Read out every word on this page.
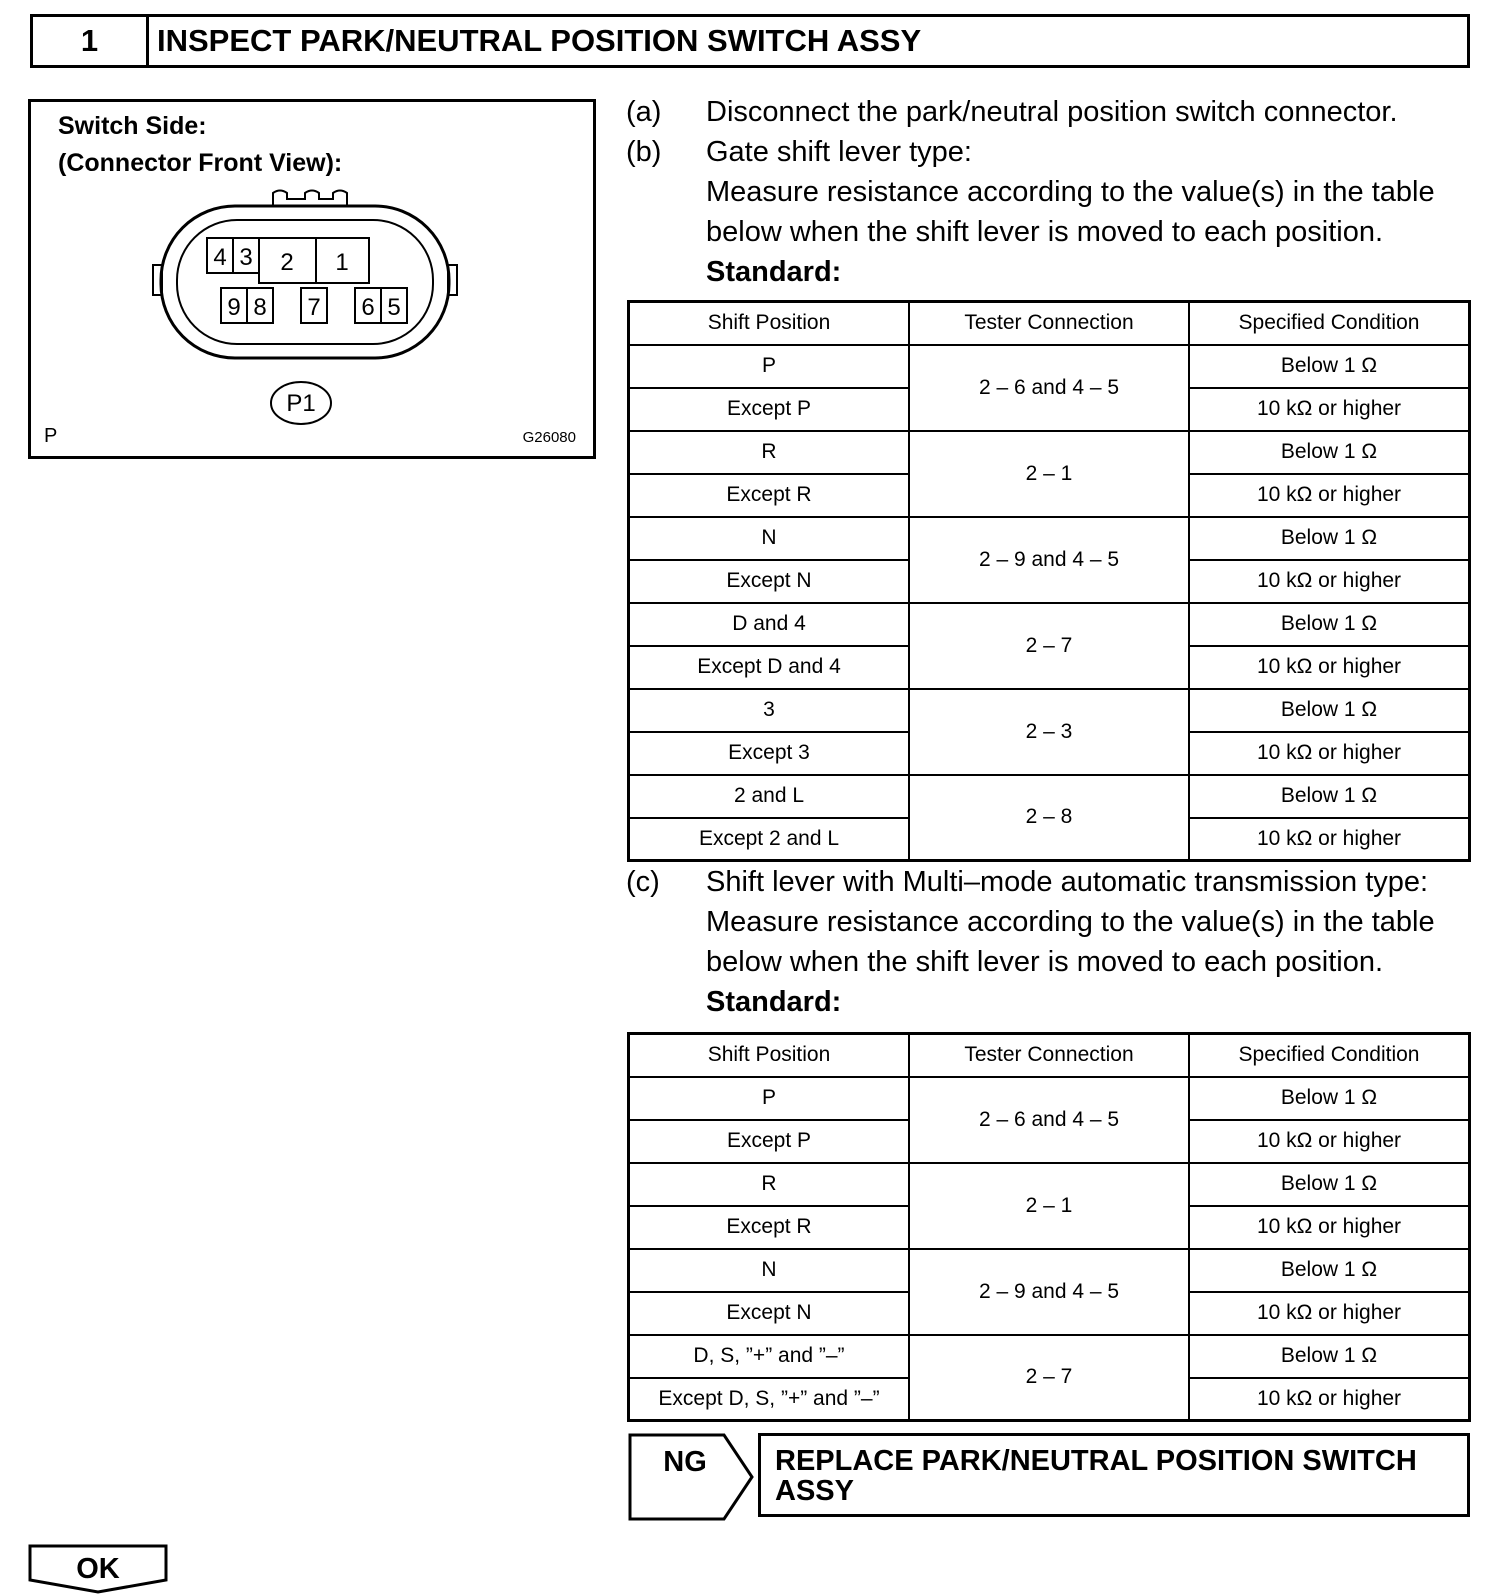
1	INSPECT PARK/NEUTRAL POSITION SWITCH ASSY
Switch Side:
(Connector Front View):
4 3 2 1
9 8 7 6 5
P1
P	G26080
(a) Disconnect the park/neutral position switch connector.
(b) Gate shift lever type:
Measure resistance according to the value(s) in the table
below when the shift lever is moved to each position.
Standard:
Shift Position	Tester Connection	Specified Condition
P	2 – 6 and 4 – 5	Below 1 Ω
Except P		10 kΩ or higher
R	2 – 1	Below 1 Ω
Except R		10 kΩ or higher
N	2 – 9 and 4 – 5	Below 1 Ω
Except N		10 kΩ or higher
D and 4	2 – 7	Below 1 Ω
Except D and 4		10 kΩ or higher
3	2 – 3	Below 1 Ω
Except 3		10 kΩ or higher
2 and L	2 – 8	Below 1 Ω
Except 2 and L		10 kΩ or higher
(c) Shift lever with Multi–mode automatic transmission type:
Measure resistance according to the value(s) in the table
below when the shift lever is moved to each position.
Standard:
Shift Position	Tester Connection	Specified Condition
P	2 – 6 and 4 – 5	Below 1 Ω
Except P		10 kΩ or higher
R	2 – 1	Below 1 Ω
Except R		10 kΩ or higher
N	2 – 9 and 4 – 5	Below 1 Ω
Except N		10 kΩ or higher
D, S, ”+” and ”–”	2 – 7	Below 1 Ω
Except D, S, ”+” and ”–”		10 kΩ or higher
NG	REPLACE PARK/NEUTRAL POSITION SWITCH
ASSY
OK
